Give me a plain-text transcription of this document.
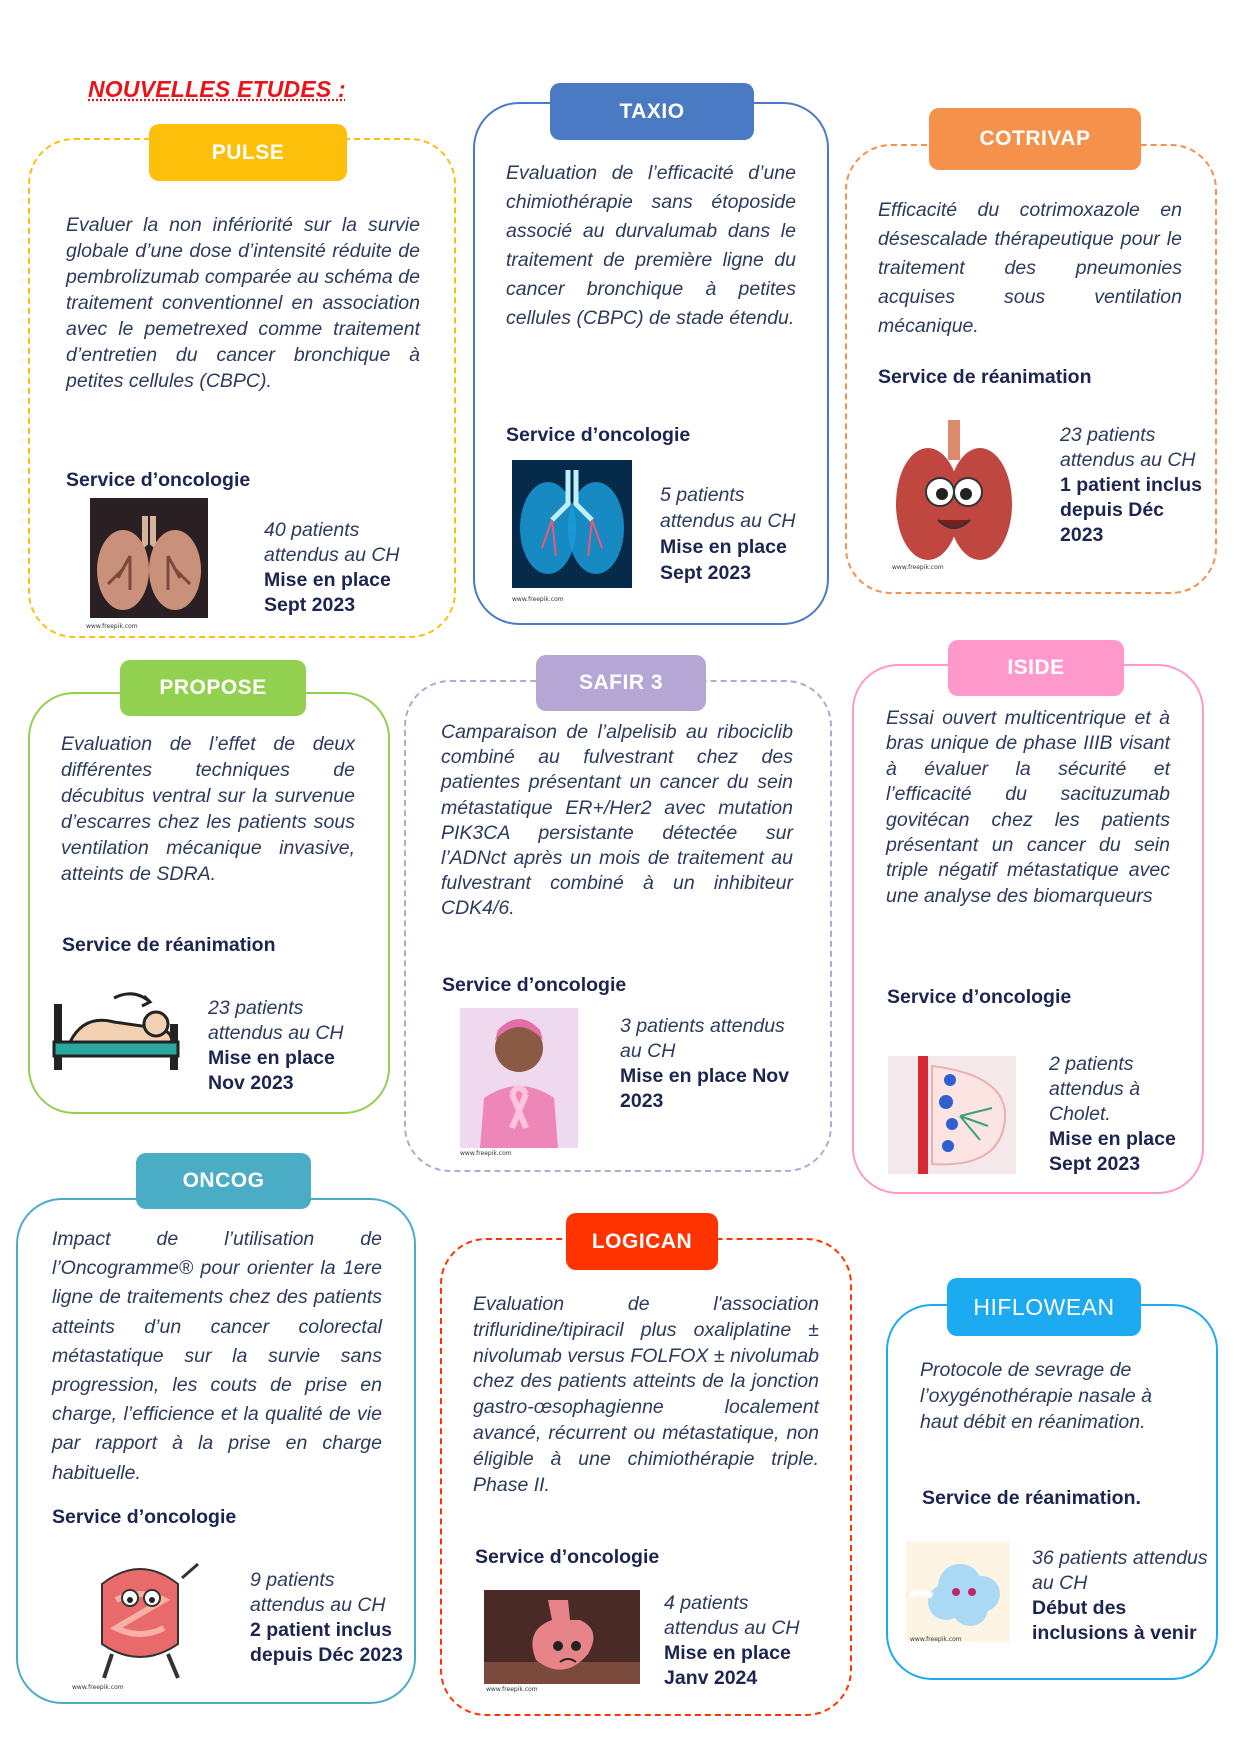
NOUVELLES ETUDES :
PULSE
Evaluer la non infériorité sur la survie globale d’une dose d’intensité réduite de pembrolizumab comparée au schéma de traitement conventionnel en association avec le pemetrexed comme traitement d’entretien du cancer bronchique à petites cellules (CBPC).
Service d’oncologie
www.freepik.com
40 patients attendus au CH
Mise en place Sept 2023
TAXIO
Evaluation de l’efficacité d’une chimiothérapie sans étoposide associé au durvalumab dans le traitement de première ligne du cancer bronchique à petites cellules (CBPC) de stade étendu.
Service d’oncologie
www.freepik.com
5 patients attendus au CH
Mise en place Sept 2023
COTRIVAP
Efficacité du cotrimoxazole en désescalade thérapeutique pour le traitement des pneumonies acquises sous ventilation mécanique.
Service de réanimation
www.freepik.com
23 patients attendus au CH
1 patient inclus depuis Déc 2023
PROPOSE
Evaluation de l’effet de deux différentes techniques de décubitus ventral sur la survenue d’escarres chez les patients sous ventilation mécanique invasive, atteints de SDRA.
Service de réanimation
23 patients attendus au CH
Mise en place Nov 2023
SAFIR 3
Camparaison de l’alpelisib au ribociclib combiné au fulvestrant chez des patientes présentant un cancer du sein métastatique ER+/Her2 avec mutation PIK3CA persistante détectée sur l’ADNct après un mois de traitement au fulvestrant combiné à un inhibiteur CDK4/6.
Service d’oncologie
www.freepik.com
3 patients attendus au CH
Mise en place Nov 2023
ISIDE
Essai ouvert multicentrique et à bras unique de phase IIIB visant à évaluer la sécurité et l’efficacité du sacituzumab govitécan chez les patients présentant un cancer du sein triple négatif métastatique avec une analyse des biomarqueurs
Service d’oncologie
2 patients attendus à Cholet.
Mise en place Sept 2023
ONCOG
Impact de l’utilisation de l’Oncogramme® pour orienter la 1ere ligne de traitements chez des patients atteints d’un cancer colorectal métastatique sur la survie sans progression, les couts de prise en charge, l’efficience et la qualité de vie par rapport à la prise en charge habituelle.
Service d’oncologie
www.freepik.com
9 patients attendus au CH
2 patient inclus depuis Déc 2023
LOGICAN
Evaluation de l'association trifluridine/tipiracil plus oxaliplatine ± nivolumab versus FOLFOX ± nivolumab chez des patients atteints de la jonction gastro-œsophagienne localement avancé, récurrent ou métastatique, non éligible à une chimiothérapie triple. Phase II.
Service d’oncologie
www.freepik.com
4 patients attendus au CH
Mise en place Janv 2024
HIFLOWEAN
Protocole de sevrage de l’oxygénothérapie nasale à haut débit en réanimation.
Service de réanimation.
www.freepik.com
36 patients attendus au CH
Début des inclusions à venir
